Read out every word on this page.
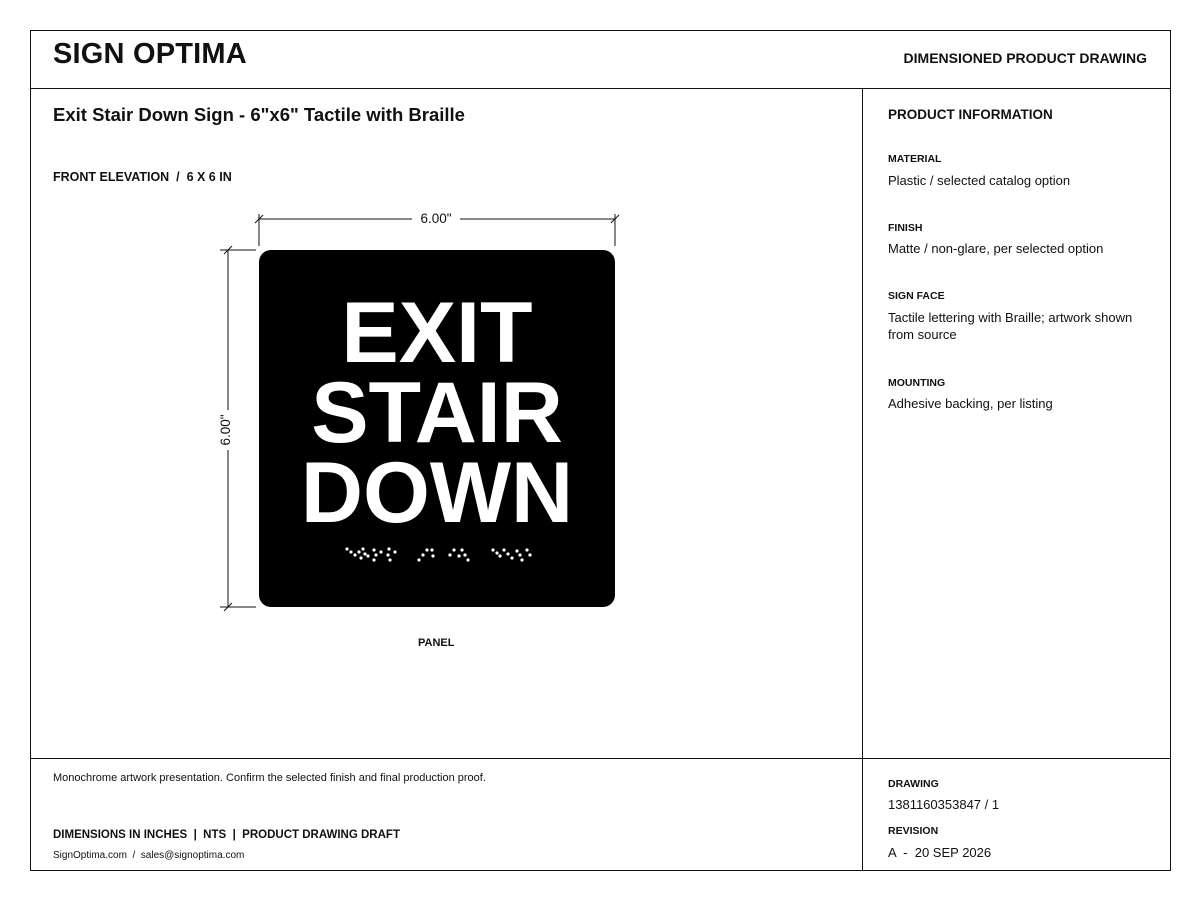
SIGN OPTIMA	DIMENSIONED PRODUCT DRAWING
Exit Stair Down Sign - 6"x6" Tactile with Braille
FRONT ELEVATION  /  6 X 6 IN
6.00"
6.00"
EXIT
STAIR
DOWN
PANEL
PRODUCT INFORMATION
MATERIAL
Plastic / selected catalog option
FINISH
Matte / non-glare, per selected option
SIGN FACE
Tactile lettering with Braille; artwork shown from source
MOUNTING
Adhesive backing, per listing
Monochrome artwork presentation. Confirm the selected finish and final production proof.
DIMENSIONS IN INCHES  |  NTS  |  PRODUCT DRAWING DRAFT
SignOptima.com  /  sales@signoptima.com
DRAWING
1381160353847 / 1
REVISION
A  -  20 SEP 2026
